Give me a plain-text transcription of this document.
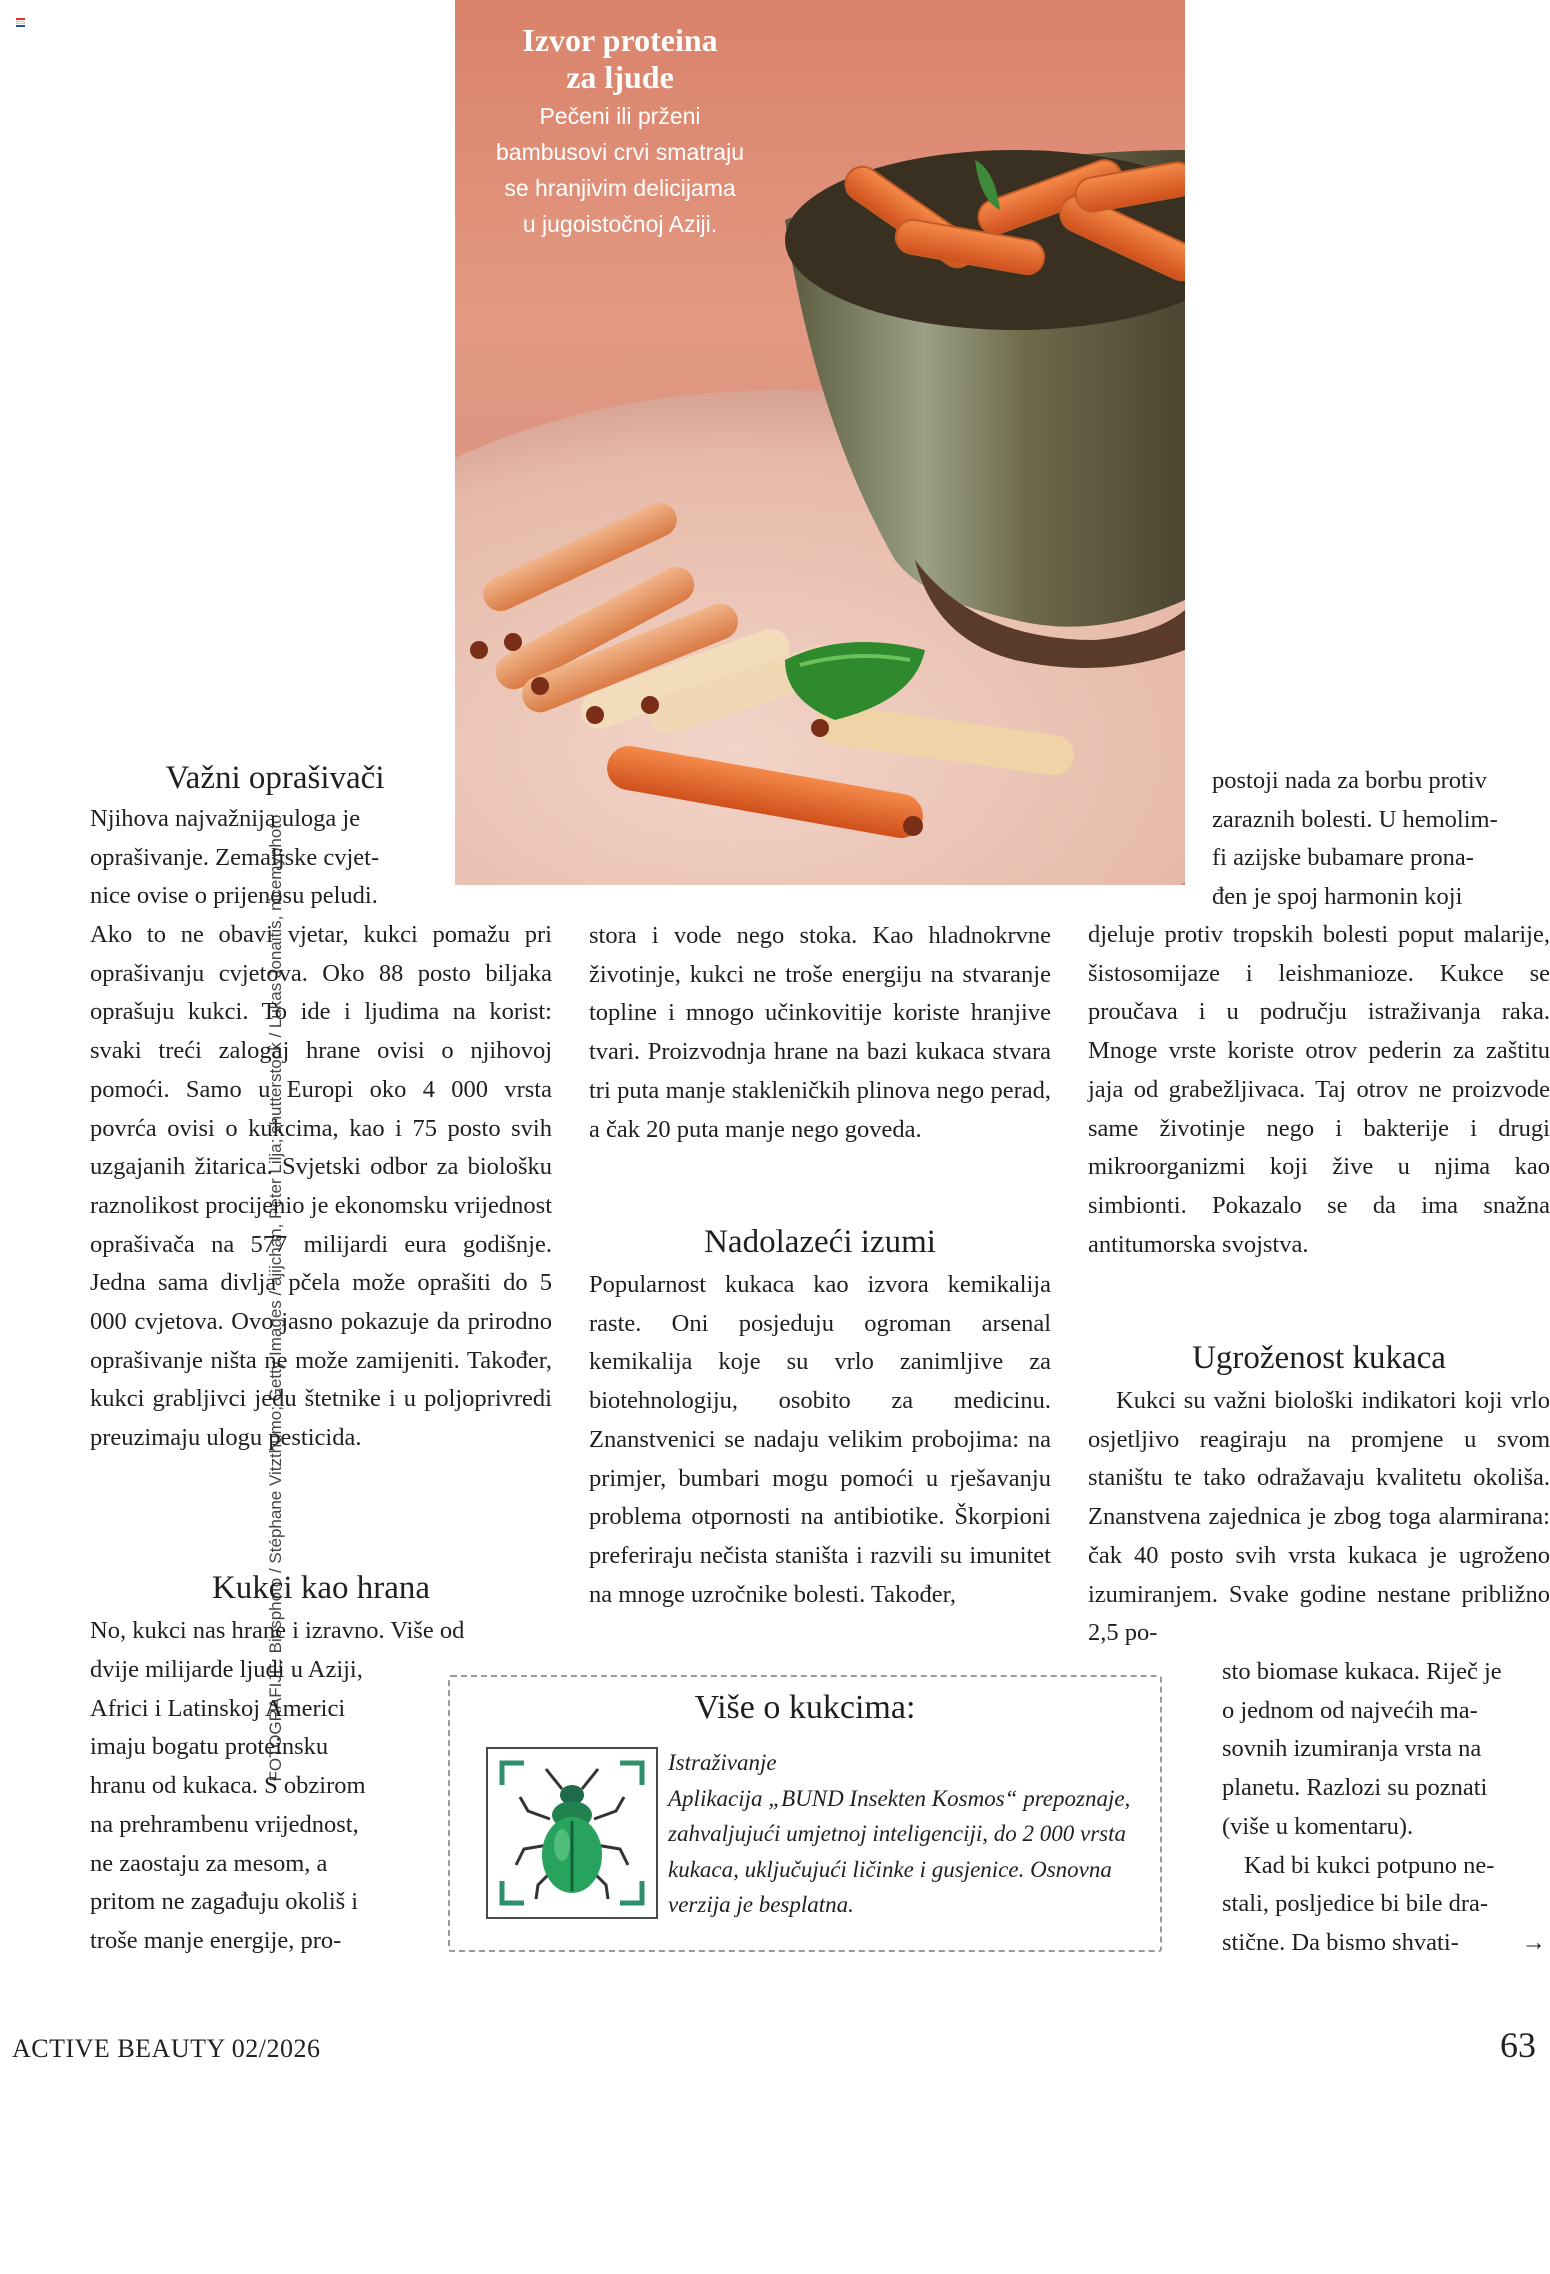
FOTOGRAFIJE: Biosphoto / Stéphane Vitzthumo; Getty Images / ajijchan, Peter Lilja; shutterstock / Lukas Jonaitis, nicemyphoto
Izvor proteina
za ljude
Pečeni ili prženi
bambusovi crvi smatraju
se hranjivim delicijama
u jugoistočnoj Aziji.
Važni oprašivači
Njihova najvažnija uloga je
oprašivanje. Zemaljske cvjet-
nice ovise o prijenosu peludi.

Ako to ne obavi vjetar, kukci pomažu pri oprašivanju cvjetova. Oko 88 posto biljaka oprašuju kukci. To ide i ljudima na korist: svaki treći zalogaj hrane ovisi o njihovoj pomoći. Samo u Europi oko 4 000 vrsta povrća ovisi o kukcima, kao i 75 posto svih uzgajanih žitarica. Svjetski odbor za biološku raznolikost procijenio je ekonomsku vrijednost oprašivača na 577 milijardi eura godišnje. Jedna sama divlja pčela može oprašiti do 5 000 cvjetova. Ovo jasno pokazuje da prirodno oprašivanje ništa ne može zamijeniti. Također, kukci grabljivci jedu štetnike i u poljoprivredi preuzimaju ulogu pesticida.

Kukci kao hrana
No, kukci nas hrane i izravno. Više od
dvije milijarde ljudi u Aziji,
Africi i Latinskoj Americi
imaju bogatu proteinsku
hranu od kukaca. S obzirom
na prehrambenu vrijednost,
ne zaostaju za mesom, a
pritom ne zagađuju okoliš i
troše manje energije, pro-

stora i vode nego stoka. Kao hladnokrvne životinje, kukci ne troše energiju na stvaranje topline i mnogo učinkovitije koriste hranjive tvari. Proizvodnja hrane na bazi kukaca stvara tri puta manje stakleničkih plinova nego perad, a čak 20 puta manje nego goveda.

Nadolazeći izumi

Popularnost kukaca kao izvora kemikalija raste. Oni posjeduju ogroman arsenal kemikalija koje su vrlo zanimljive za biotehnologiju, osobito za medicinu. Znanstvenici se nadaju velikim probojima: na primjer, bumbari mogu pomoći u rješavanju problema otpornosti na antibiotike. Škorpioni preferiraju nečista staništa i razvili su imunitet na mnoge uzročnike bolesti. Također,

postoji nada za borbu protiv
zaraznih bolesti. U hemolim-
fi azijske bubamare prona-
đen je spoj harmonin koji

djeluje protiv tropskih bolesti poput malarije, šistosomijaze i leishmanioze. Kukce se proučava i u području istraživanja raka. Mnoge vrste koriste otrov pederin za zaštitu jaja od grabežljivaca. Taj otrov ne proizvode same životinje nego i bakterije i drugi mikroorganizmi koji žive u njima kao simbionti. Pokazalo se da ima snažna antitumorska svojstva.

Ugroženost kukaca

Kukci su važni biološki indikatori koji vrlo osjetljivo reagiraju na promjene u svom staništu te tako odražavaju kvalitetu okoliša. Znanstvena zajednica je zbog toga alarmirana: čak 40 posto svih vrsta kukaca je ugroženo izumiranjem. Svake godine nestane približno 2,5 po-

sto biomase kukaca. Riječ je
o jednom od najvećih ma-
sovnih izumiranja vrsta na
planetu. Razlozi su poznati
(više u komentaru).
Kad bi kukci potpuno ne-
stali, posljedice bi bile dra-
stične. Da bismo shvati-	→
Više o kukcima:
Istraživanje
Aplikacija „BUND Insekten Kosmos“ prepoznaje, zahvaljujući umjetnoj inteligenciji, do 2 000 vrsta kukaca, uključujući ličinke i gusjenice. Osnovna verzija je besplatna.
ACTIVE BEAUTY 02/2026	63
